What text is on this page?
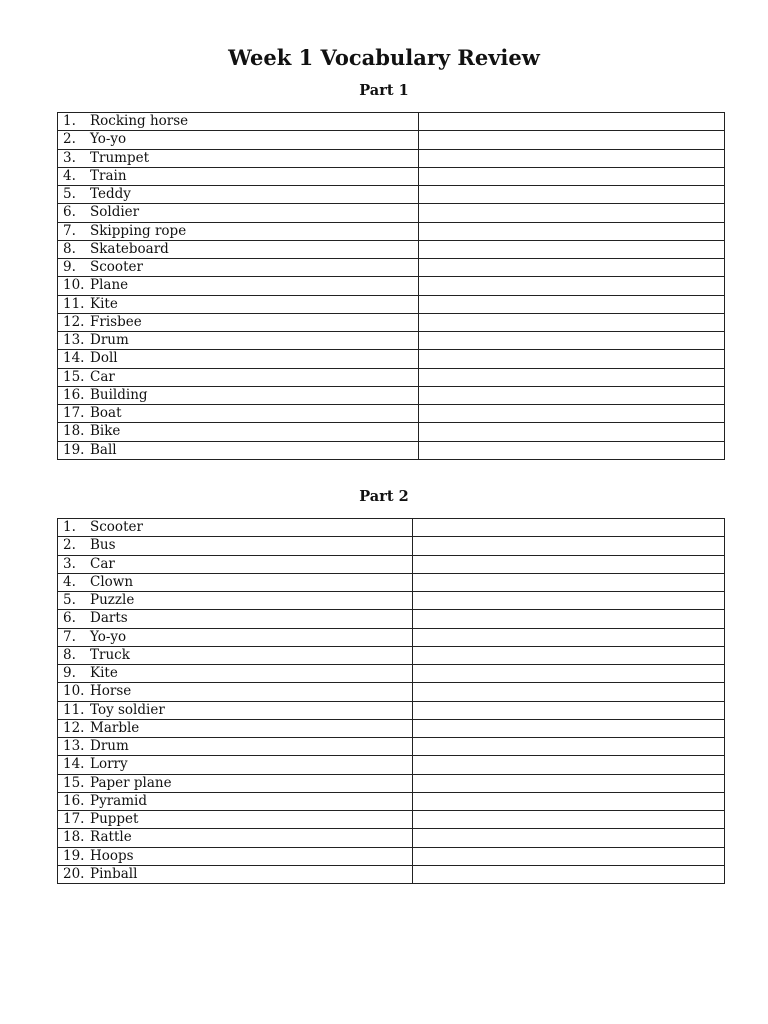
Week 1 Vocabulary Review
Part 1
1. Rocking horse	
2. Yo-yo	
3. Trumpet	
4. Train	
5. Teddy	
6. Soldier	
7. Skipping rope	
8. Skateboard	
9. Scooter	
10. Plane	
11. Kite	
12. Frisbee	
13. Drum	
14. Doll	
15. Car	
16. Building	
17. Boat	
18. Bike	
19. Ball	
Part 2
1. Scooter	
2. Bus	
3. Car	
4. Clown	
5. Puzzle	
6. Darts	
7. Yo-yo	
8. Truck	
9. Kite	
10. Horse	
11. Toy soldier	
12. Marble	
13. Drum	
14. Lorry	
15. Paper plane	
16. Pyramid	
17. Puppet	
18. Rattle	
19. Hoops	
20. Pinball	
